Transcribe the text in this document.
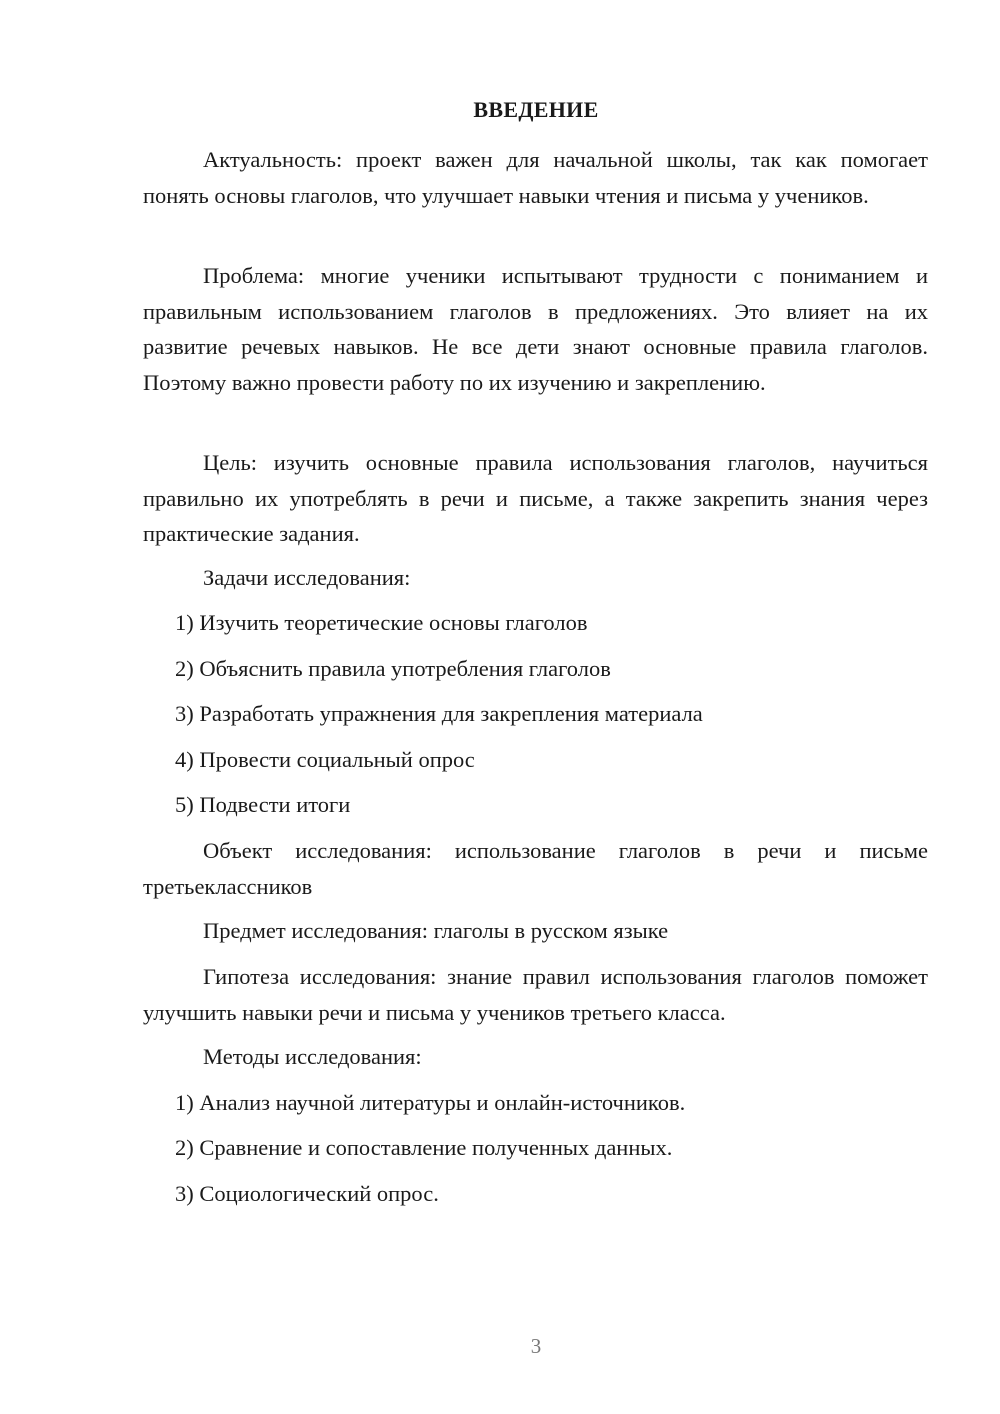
ВВЕДЕНИЕ

Актуальность: проект важен для начальной школы, так как помогает понять основы глаголов, что улучшает навыки чтения и письма у учеников.

Проблема: многие ученики испытывают трудности с пониманием и правильным использованием глаголов в предложениях. Это влияет на их развитие речевых навыков. Не все дети знают основные правила глаголов. Поэтому важно провести работу по их изучению и закреплению.

Цель: изучить основные правила использования глаголов, научиться правильно их употреблять в речи и письме, а также закрепить знания через практические задания.

Задачи исследования:
1) Изучить теоретические основы глаголов
2) Объяснить правила употребления глаголов
3) Разработать упражнения для закрепления материала
4) Провести социальный опрос
5) Подвести итоги

Объект исследования: использование глаголов в речи и письме третьеклассников

Предмет исследования: глаголы в русском языке

Гипотеза исследования: знание правил использования глаголов поможет улучшить навыки речи и письма у учеников третьего класса.

Методы исследования:
1) Анализ научной литературы и онлайн-источников.
2) Сравнение и сопоставление полученных данных.
3) Социологический опрос.
3
